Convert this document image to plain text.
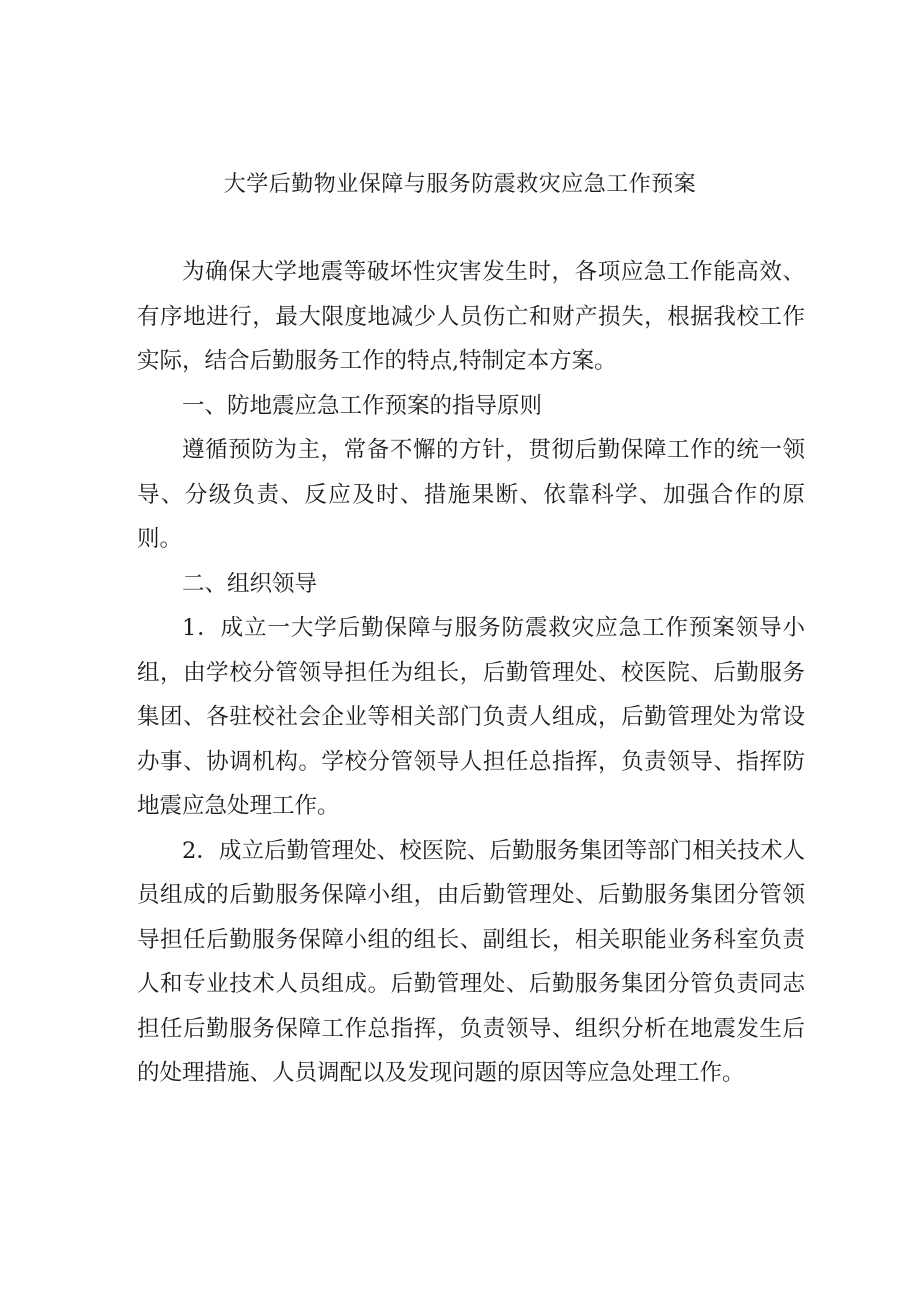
大学后勤物业保障与服务防震救灾应急工作预案

为确保大学地震等破坏性灾害发生时，各项应急工作能高效、有序地进行，最大限度地减少人员伤亡和财产损失，根据我校工作实际，结合后勤服务工作的特点,特制定本方案。

一、防地震应急工作预案的指导原则

遵循预防为主，常备不懈的方针，贯彻后勤保障工作的统一领导、分级负责、反应及时、措施果断、依靠科学、加强合作的原则。

二、组织领导

1．成立一大学后勤保障与服务防震救灾应急工作预案领导小组，由学校分管领导担任为组长，后勤管理处、校医院、后勤服务集团、各驻校社会企业等相关部门负责人组成，后勤管理处为常设办事、协调机构。学校分管领导人担任总指挥，负责领导、指挥防地震应急处理工作。

2．成立后勤管理处、校医院、后勤服务集团等部门相关技术人员组成的后勤服务保障小组，由后勤管理处、后勤服务集团分管领导担任后勤服务保障小组的组长、副组长，相关职能业务科室负责人和专业技术人员组成。后勤管理处、后勤服务集团分管负责同志担任后勤服务保障工作总指挥，负责领导、组织分析在地震发生后的处理措施、人员调配以及发现问题的原因等应急处理工作。
